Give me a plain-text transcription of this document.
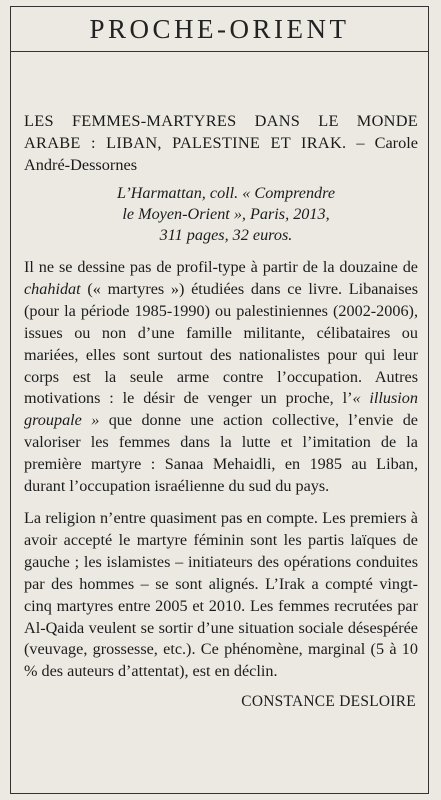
PROCHE-ORIENT
LES FEMMES-MARTYRES DANS LE MONDE ARABE : LIBAN, PALESTINE ET IRAK. – Carole André-Dessornes
L’Harmattan, coll. « Comprendre
le Moyen-Orient », Paris, 2013,
311 pages, 32 euros.

Il ne se dessine pas de profil-type à partir de la douzaine de chahidat (« martyres ») étudiées dans ce livre. Libanaises (pour la période 1985-1990) ou palestiniennes (2002-2006), issues ou non d’une famille militante, célibataires ou mariées, elles sont surtout des nationalistes pour qui leur corps est la seule arme contre l’occupation. Autres motivations : le désir de venger un proche, l’« illusion groupale » que donne une action collective, l’envie de valoriser les femmes dans la lutte et l’imitation de la première martyre : Sanaa Mehaidli, en 1985 au Liban, durant l’occupation israélienne du sud du pays.

La religion n’entre quasiment pas en compte. Les premiers à avoir accepté le martyre féminin sont les partis laïques de gauche ; les islamistes – initiateurs des opérations conduites par des hommes – se sont alignés. L’Irak a compté vingt-cinq martyres entre 2005 et 2010. Les femmes recrutées par Al-Qaida veulent se sortir d’une situation sociale désespérée (veuvage, grossesse, etc.). Ce phénomène, marginal (5 à 10 % des auteurs d’attentat), est en déclin.

CONSTANCE DESLOIRE
